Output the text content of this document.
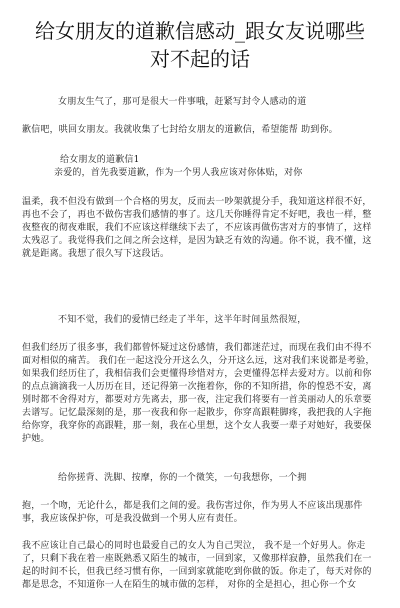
给女朋友的道歉信感动_跟女友说哪些
对不起的话

女朋友生气了，那可是很大一件事哦，赶紧写封令人感动的道

歉信吧，哄回女朋友。我就收集了七封给女朋友的道歉信，希望能帮 助到你。

给女朋友的道歉信1

亲爱的，首先我要道歉，作为一个男人我应该对你体贴，对你

温柔，我不但没有做到一个合格的男友，反而去一吵架就提分手，我知道这样很不好，再也不会了，再也不做伤害我们感情的事了。这几天你睡得肯定不好吧，我也一样，整夜整夜的彻夜难眠，我们不应该这样继续下去了，不应该再做伤害对方的事情了，这样太残忍了。我觉得我们之间之所会这样，是因为缺乏有效的沟通。你不说，我不懂，这就是距离。我想了很久写下这段话。

不知不觉，我们的爱情已经走了半年，这半年时间虽然很短，

但我们经历了很多事，我们都曾怀疑过这份感情，我们都迷茫过，而现在我们由不得不面对相似的痛苦。 我们在一起这没分开这么久，分开这么远，这对我们来说都是考验，如果我们经历住了，我相信我们会更懂得珍惜对方，会更懂得怎样去爱对方。以前和你的点点滴滴我一人历历在目，还记得第一次拖着你，你的不知所措，你的惶恐不安，离别时都不舍得对方，都要对方先离去，那一夜，注定我们将要有一首美丽动人的乐章要去谱写。记忆最深刻的是，那一夜我和你一起散步，你穿高跟鞋脚疼，我把我的人字拖给你穿，我穿你的高跟鞋，那一刻，我在心里想，这个女人我要一辈子对她好，我要保护她。

给你搓背、洗脚、按摩，你的一个微笑，一句我想你，一个拥

抱，一个吻，无论什么，都是我们之间的爱。我伤害过你，作为男人不应该出现那件事，我应该保护你，可是我没做到一个男人应有责任。

我不应该让自己最心的同时也最爱自己的女人为自己哭泣， 我不是一个好男人。你走了，只剩下我在着一座既熟悉又陌生的城市，一回到家，又像那样寂静，虽然我们在一起的时间不长，但我已经习惯有你，一回到家就能吃到你做的饭。你走了，每天对你的都是思念，不知道你一人在陌生的城市做的怎样， 对你的全是担心，担心你一个女
